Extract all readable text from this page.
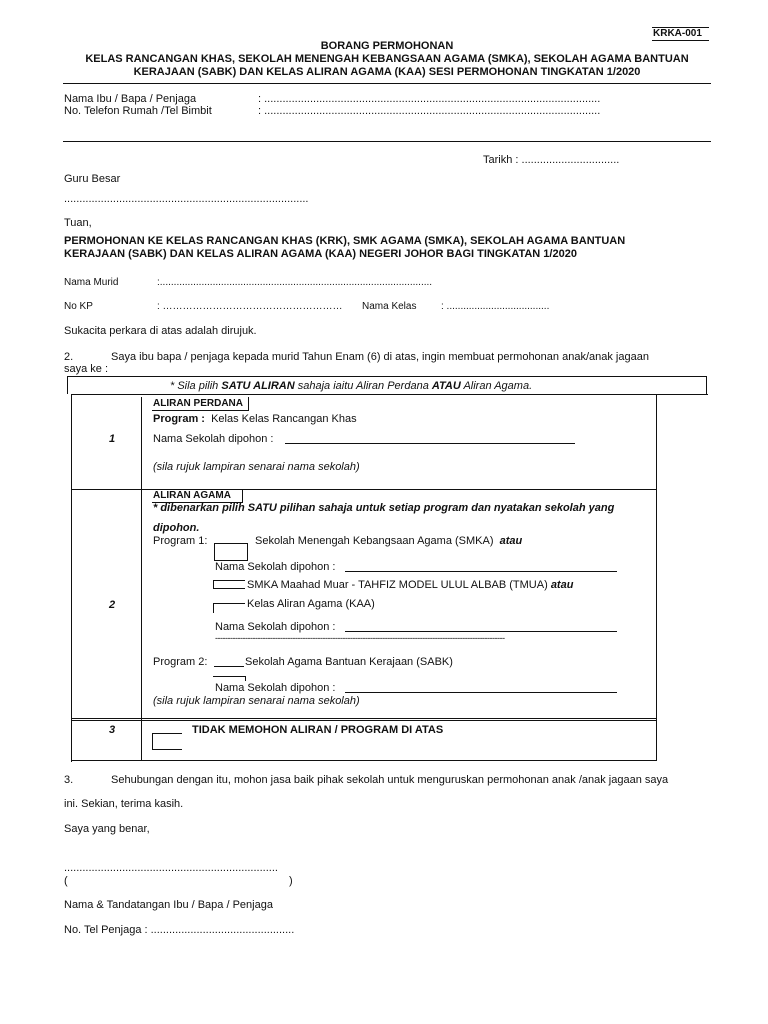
KRKA-001
BORANG PERMOHONAN
KELAS RANCANGAN KHAS, SEKOLAH MENENGAH KEBANGSAAN AGAMA (SMKA), SEKOLAH AGAMA BANTUAN
KERAJAAN (SABK) DAN KELAS ALIRAN AGAMA (KAA) SESI PERMOHONAN TINGKATAN 1/2020
Nama Ibu / Bapa / Penjaga	: ..............................................................................................................
No. Telefon Rumah /Tel Bimbit	: ..............................................................................................................
Tarikh : ................................
Guru Besar
................................................................................
Tuan,
PERMOHONAN KE KELAS RANCANGAN KHAS (KRK), SMK AGAMA (SMKA), SEKOLAH AGAMA BANTUAN
KERAJAAN (SABK) DAN KELAS ALIRAN AGAMA (KAA) NEGERI JOHOR BAGI TINGKATAN 1/2020
Nama Murid	:..................................................................................................
No KP	: ……………………………………………… Nama Kelas : .....................................
Sukacita perkara di atas adalah dirujuk.
2.	Saya ibu bapa / penjaga kepada murid Tahun Enam (6) di atas, ingin membuat permohonan anak/anak jagaan
saya ke :
* Sila pilih SATU ALIRAN sahaja iaitu Aliran Perdana ATAU Aliran Agama.
1
ALIRAN PERDANA
Program : Kelas Kelas Rancangan Khas
Nama Sekolah dipohon :
(sila rujuk lampiran senarai nama sekolah)
2
ALIRAN AGAMA
* dibenarkan pilih SATU pilihan sahaja untuk setiap program dan nyatakan sekolah yang
dipohon.
Program 1:	Sekolah Menengah Kebangsaan Agama (SMKA) atau
Nama Sekolah dipohon :
SMKA Maahad Muar - TAHFIZ MODEL ULUL ALBAB (TMUA) atau
Kelas Aliran Agama (KAA)
Nama Sekolah dipohon :
--------------------------------------------------------------------------------------------------------------------
Program 2:	Sekolah Agama Bantuan Kerajaan (SABK)
Nama Sekolah dipohon :
(sila rujuk lampiran senarai nama sekolah)
3	TIDAK MEMOHON ALIRAN / PROGRAM DI ATAS
3.	Sehubungan dengan itu, mohon jasa baik pihak sekolah untuk menguruskan permohonan anak /anak jagaan saya
ini. Sekian, terima kasih.
Saya yang benar,
......................................................................
(	)
Nama & Tandatangan Ibu / Bapa / Penjaga
No. Tel Penjaga : ...............................................
